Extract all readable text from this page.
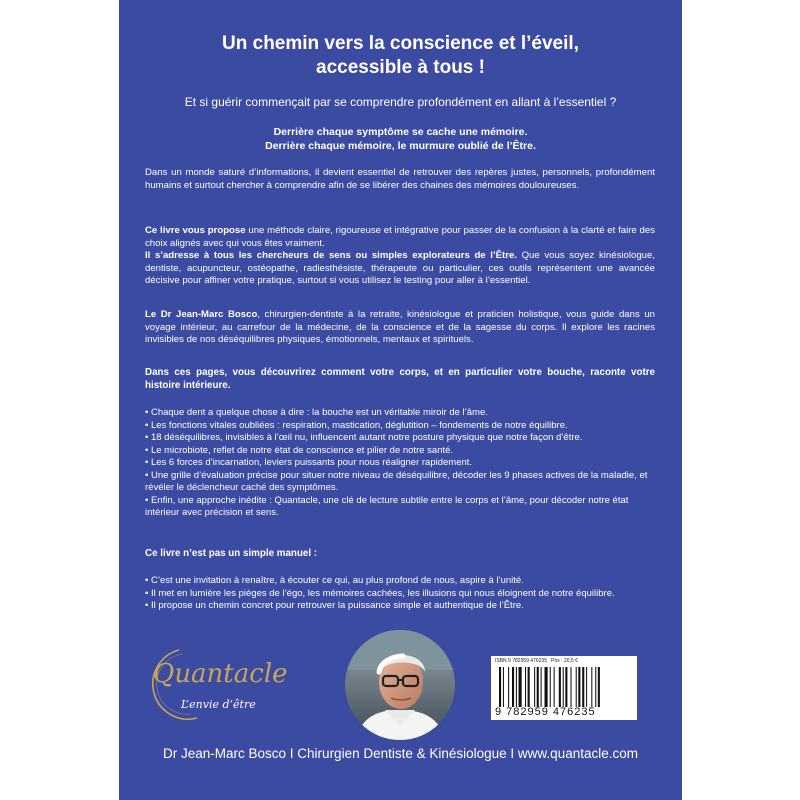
Un chemin vers la conscience et l’éveil,
accessible à tous !
Et si guérir commençait par se comprendre profondément en allant à l’essentiel ?
Derrière chaque symptôme se cache une mémoire.
Derrière chaque mémoire, le murmure oublié de l’Être.
Dans un monde saturé d’informations, il devient essentiel de retrouver des repères justes, personnels, profondément humains et surtout chercher à comprendre afin de se libérer des chaines des mémoires douloureuses.
Ce livre vous propose une méthode claire, rigoureuse et intégrative pour passer de la confusion à la clarté et faire des choix alignés avec qui vous êtes vraiment.
Il s’adresse à tous les chercheurs de sens ou simples explorateurs de l’Être. Que vous soyez kinésiologue, dentiste, acupuncteur, ostéopathe, radiesthésiste, thérapeute ou particulier, ces outils représentent une avancée décisive pour affiner votre pratique, surtout si vous utilisez le testing pour aller à l’essentiel.
Le Dr Jean-Marc Bosco, chirurgien-dentiste à la retraite, kinésiologue et praticien holistique, vous guide dans un voyage intérieur, au carrefour de la médecine, de la conscience et de la sagesse du corps. Il explore les racines invisibles de nos déséquilibres physiques, émotionnels, mentaux et spirituels.
Dans ces pages, vous découvrirez comment votre corps, et en particulier votre bouche, raconte votre histoire intérieure.
• Chaque dent a quelque chose à dire : la bouche est un véritable miroir de l’âme.
• Les fonctions vitales oubliées : respiration, mastication, déglutition – fondements de notre équilibre.
• 18 déséquilibres, invisibles à l’œil nu, influencent autant notre posture physique que notre façon d’être.
• Le microbiote, reflet de notre état de conscience et pilier de notre santé.
• Les 6 forces d’incarnation, leviers puissants pour nous réaligner rapidement.
• Une grille d’évaluation précise pour situer notre niveau de déséquilibre, décoder les 9 phases actives de la maladie, et révéler le déclencheur caché des symptômes.
• Enfin, une approche inédite : Quantacle, une clé de lecture subtile entre le corps et l’âme, pour décoder notre état intérieur avec précision et sens.
Ce livre n’est pas un simple manuel :
• C’est une invitation à renaître, à écouter ce qui, au plus profond de nous, aspire à l’unité.
• Il met en lumière les pièges de l’égo, les mémoires cachées, les illusions qui nous éloignent de notre équilibre.
• Il propose un chemin concret pour retrouver la puissance simple et authentique de l’Être.
Quantacle
L’envie d’être
ISBN 9 782959 476235 Prix : 20,5 €
9 782959 476235
Dr Jean-Marc Bosco I Chirurgien Dentiste & Kinésiologue I www.quantacle.com
